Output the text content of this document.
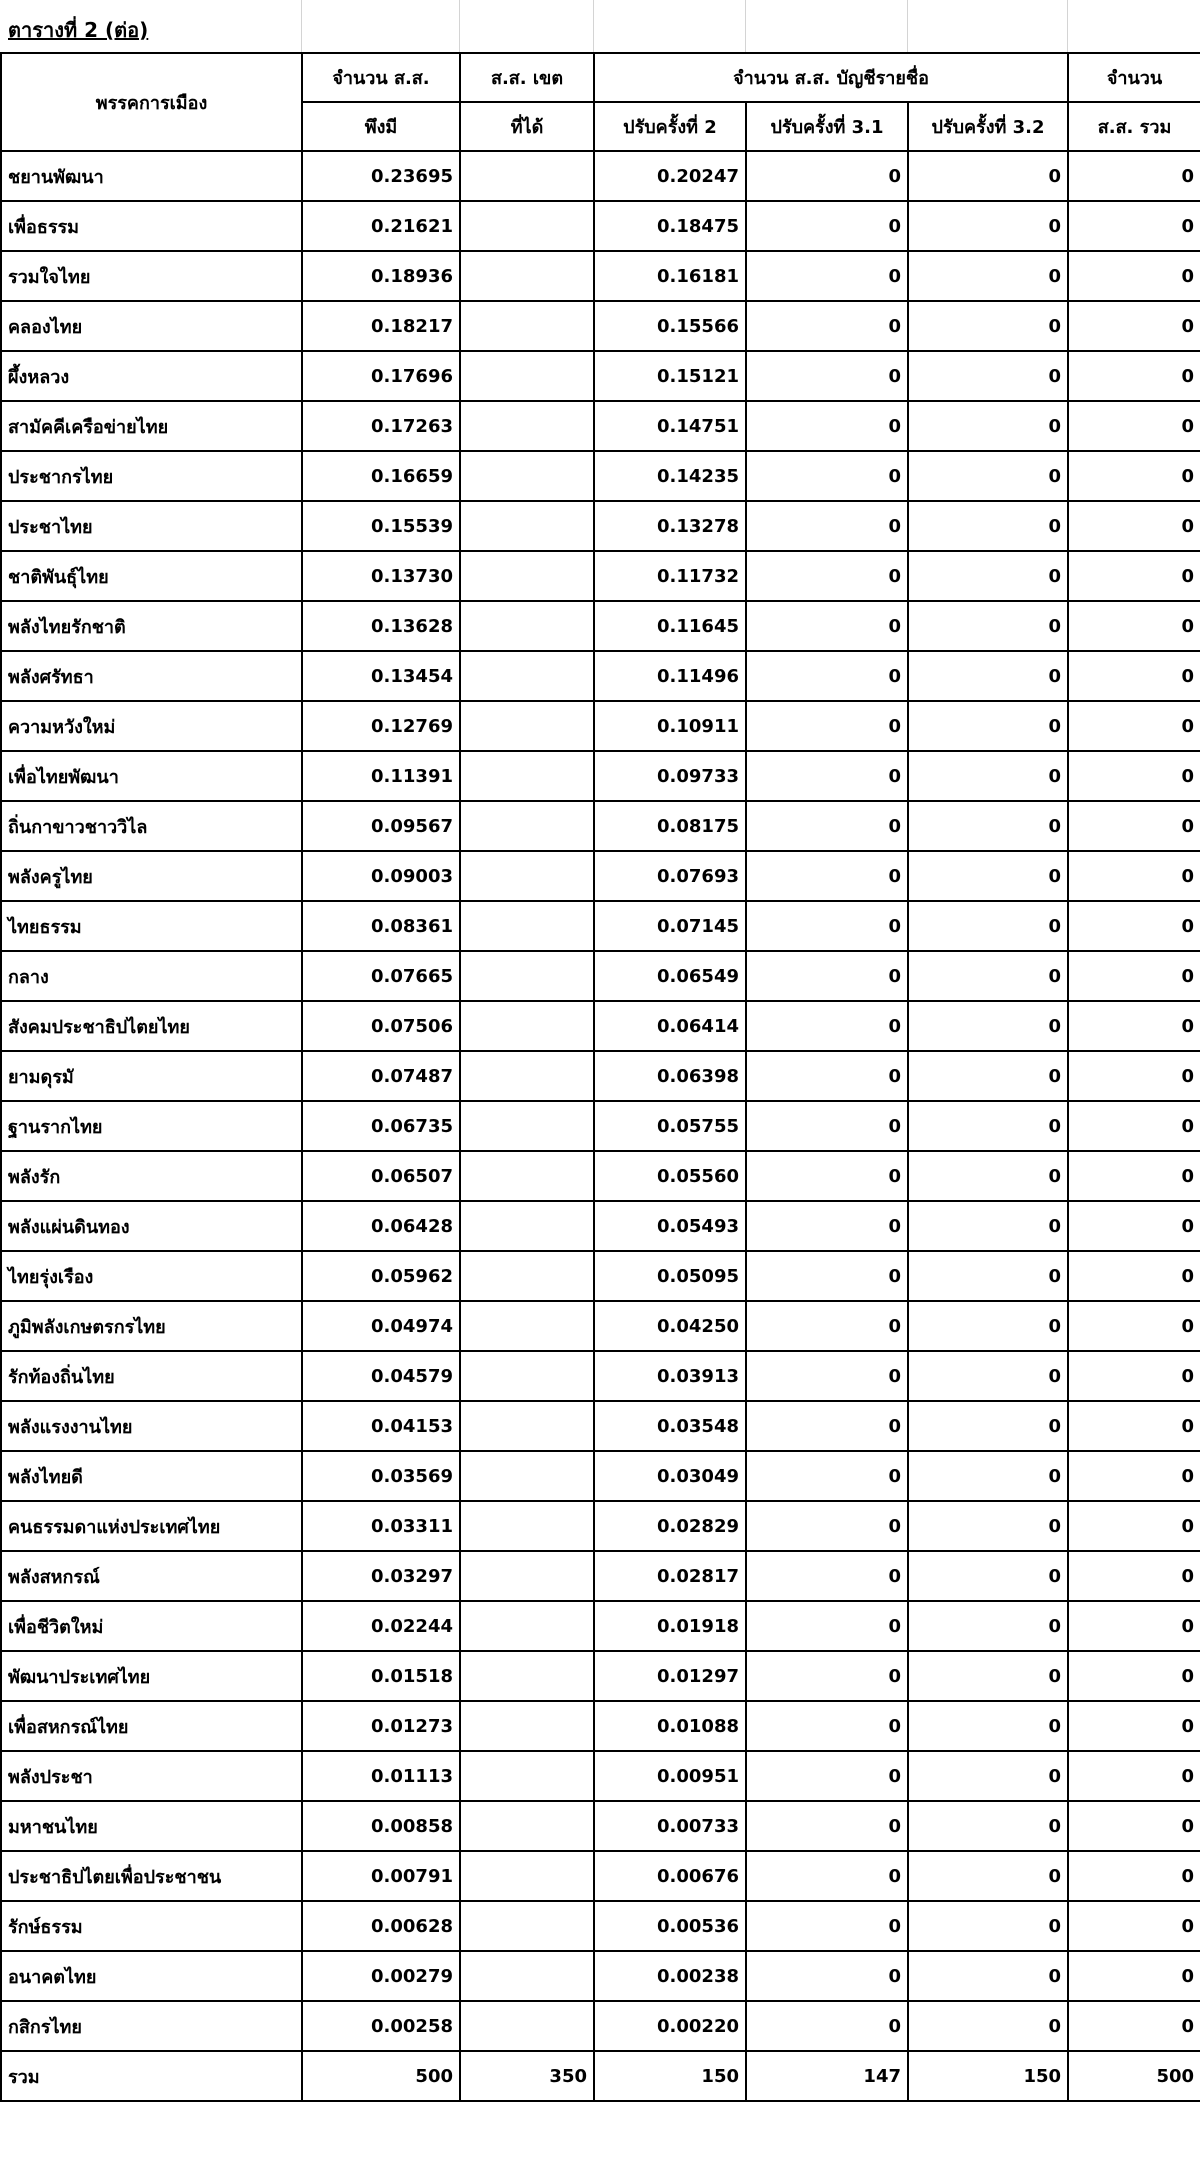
ตารางที่ 2 (ต่อ)
พรรคการเมือง	จำนวน ส.ส.	ส.ส. เขต	จำนวน ส.ส. บัญชีรายชื่อ			จำนวน
	พึงมี	ที่ได้	ปรับครั้งที่ 2	ปรับครั้งที่ 3.1	ปรับครั้งที่ 3.2	ส.ส. รวม
ชยานพัฒนา	0.23695		0.20247	0	0	0
เพื่อธรรม	0.21621		0.18475	0	0	0
รวมใจไทย	0.18936		0.16181	0	0	0
คลองไทย	0.18217		0.15566	0	0	0
ผึ้งหลวง	0.17696		0.15121	0	0	0
สามัคคีเครือข่ายไทย	0.17263		0.14751	0	0	0
ประชากรไทย	0.16659		0.14235	0	0	0
ประชาไทย	0.15539		0.13278	0	0	0
ชาติพันธุ์ไทย	0.13730		0.11732	0	0	0
พลังไทยรักชาติ	0.13628		0.11645	0	0	0
พลังศรัทธา	0.13454		0.11496	0	0	0
ความหวังใหม่	0.12769		0.10911	0	0	0
เพื่อไทยพัฒนา	0.11391		0.09733	0	0	0
ถิ่นกาขาวชาววิไล	0.09567		0.08175	0	0	0
พลังครูไทย	0.09003		0.07693	0	0	0
ไทยธรรม	0.08361		0.07145	0	0	0
กลาง	0.07665		0.06549	0	0	0
สังคมประชาธิปไตยไทย	0.07506		0.06414	0	0	0
ยามดุรมั	0.07487		0.06398	0	0	0
ฐานรากไทย	0.06735		0.05755	0	0	0
พลังรัก	0.06507		0.05560	0	0	0
พลังแผ่นดินทอง	0.06428		0.05493	0	0	0
ไทยรุ่งเรือง	0.05962		0.05095	0	0	0
ภูมิพลังเกษตรกรไทย	0.04974		0.04250	0	0	0
รักท้องถิ่นไทย	0.04579		0.03913	0	0	0
พลังแรงงานไทย	0.04153		0.03548	0	0	0
พลังไทยดี	0.03569		0.03049	0	0	0
คนธรรมดาแห่งประเทศไทย	0.03311		0.02829	0	0	0
พลังสหกรณ์	0.03297		0.02817	0	0	0
เพื่อชีวิตใหม่	0.02244		0.01918	0	0	0
พัฒนาประเทศไทย	0.01518		0.01297	0	0	0
เพื่อสหกรณ์ไทย	0.01273		0.01088	0	0	0
พลังประชา	0.01113		0.00951	0	0	0
มหาชนไทย	0.00858		0.00733	0	0	0
ประชาธิปไตยเพื่อประชาชน	0.00791		0.00676	0	0	0
รักษ์ธรรม	0.00628		0.00536	0	0	0
อนาคตไทย	0.00279		0.00238	0	0	0
กสิกรไทย	0.00258		0.00220	0	0	0
รวม	500	350	150	147	150	500
